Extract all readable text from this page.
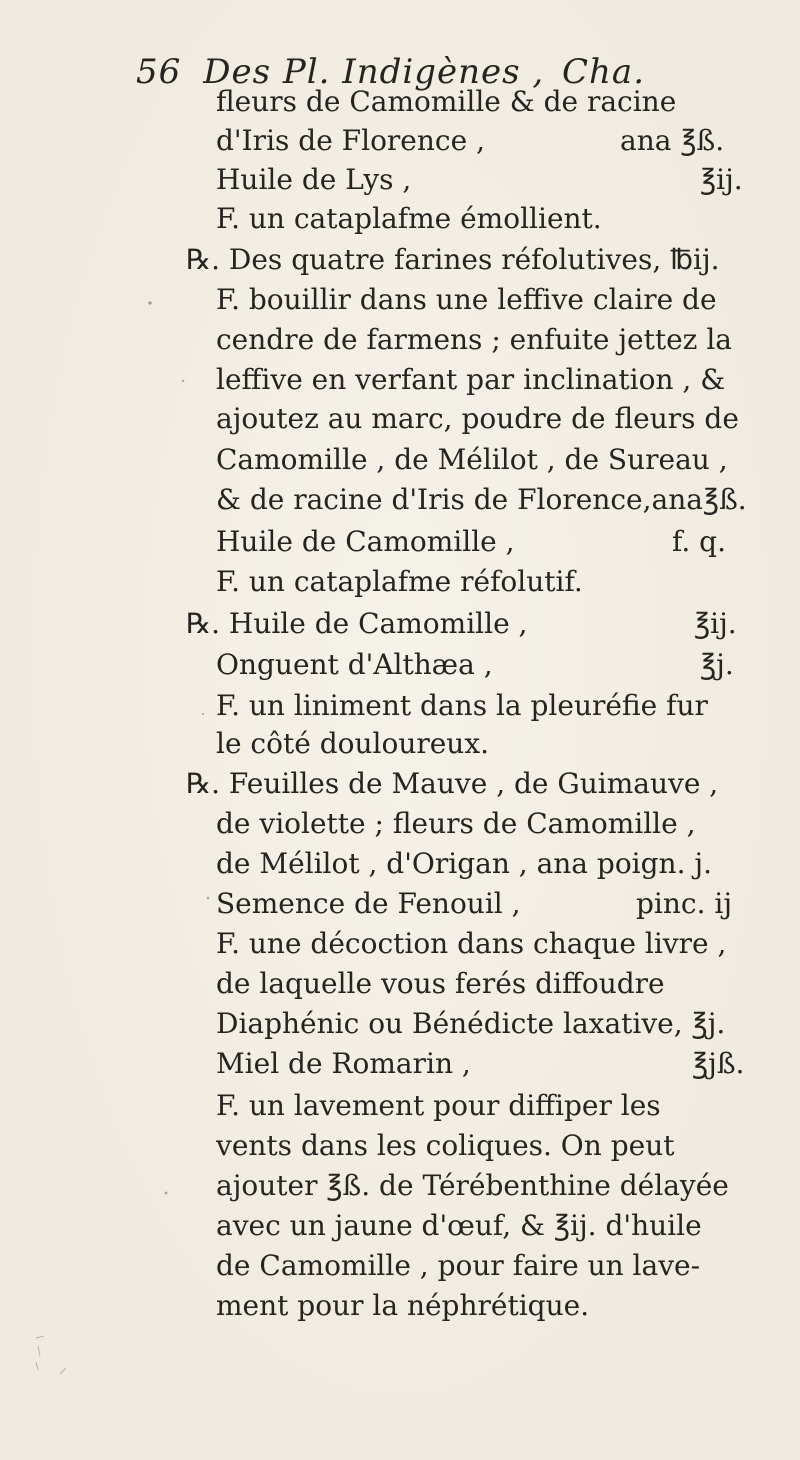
56 Des Pl. Indigènes , Cha.
fleurs de Camomille & de racine
d'Iris de Florence ,	ana ℥ß.
Huile de Lys ,	℥ij.
F. un cataplafme émollient.
℞. Des quatre farines réfolutives, ℔ij.
F. bouillir dans une leffive claire de
cendre de farmens ; enfuite jettez la
leffive en verfant par inclination , &
ajoutez au marc, poudre de fleurs de
Camomille , de Mélilot , de Sureau ,
& de racine d'Iris de Florence,ana℥ß.
Huile de Camomille ,	f. q.
F. un cataplafme réfolutif.
℞. Huile de Camomille ,	℥ij.
Onguent d'Althæa ,	℥j.
F. un liniment dans la pleuréfie fur
le côté douloureux.
℞. Feuilles de Mauve , de Guimauve ,
de violette ; fleurs de Camomille ,
de Mélilot , d'Origan , ana poign. j.
Semence de Fenouil ,	pinc. ij
F. une décoction dans chaque livre ,
de laquelle vous ferés diffoudre
Diaphénic ou Bénédicte laxative, ℥j.
Miel de Romarin ,	℥jß.
F. un lavement pour diffiper les
vents dans les coliques. On peut
ajouter ℥ß. de Térébenthine délayée
avec un jaune d'œuf, & ℥ij. d'huile
de Camomille , pour faire un lave-
ment pour la néphrétique.
